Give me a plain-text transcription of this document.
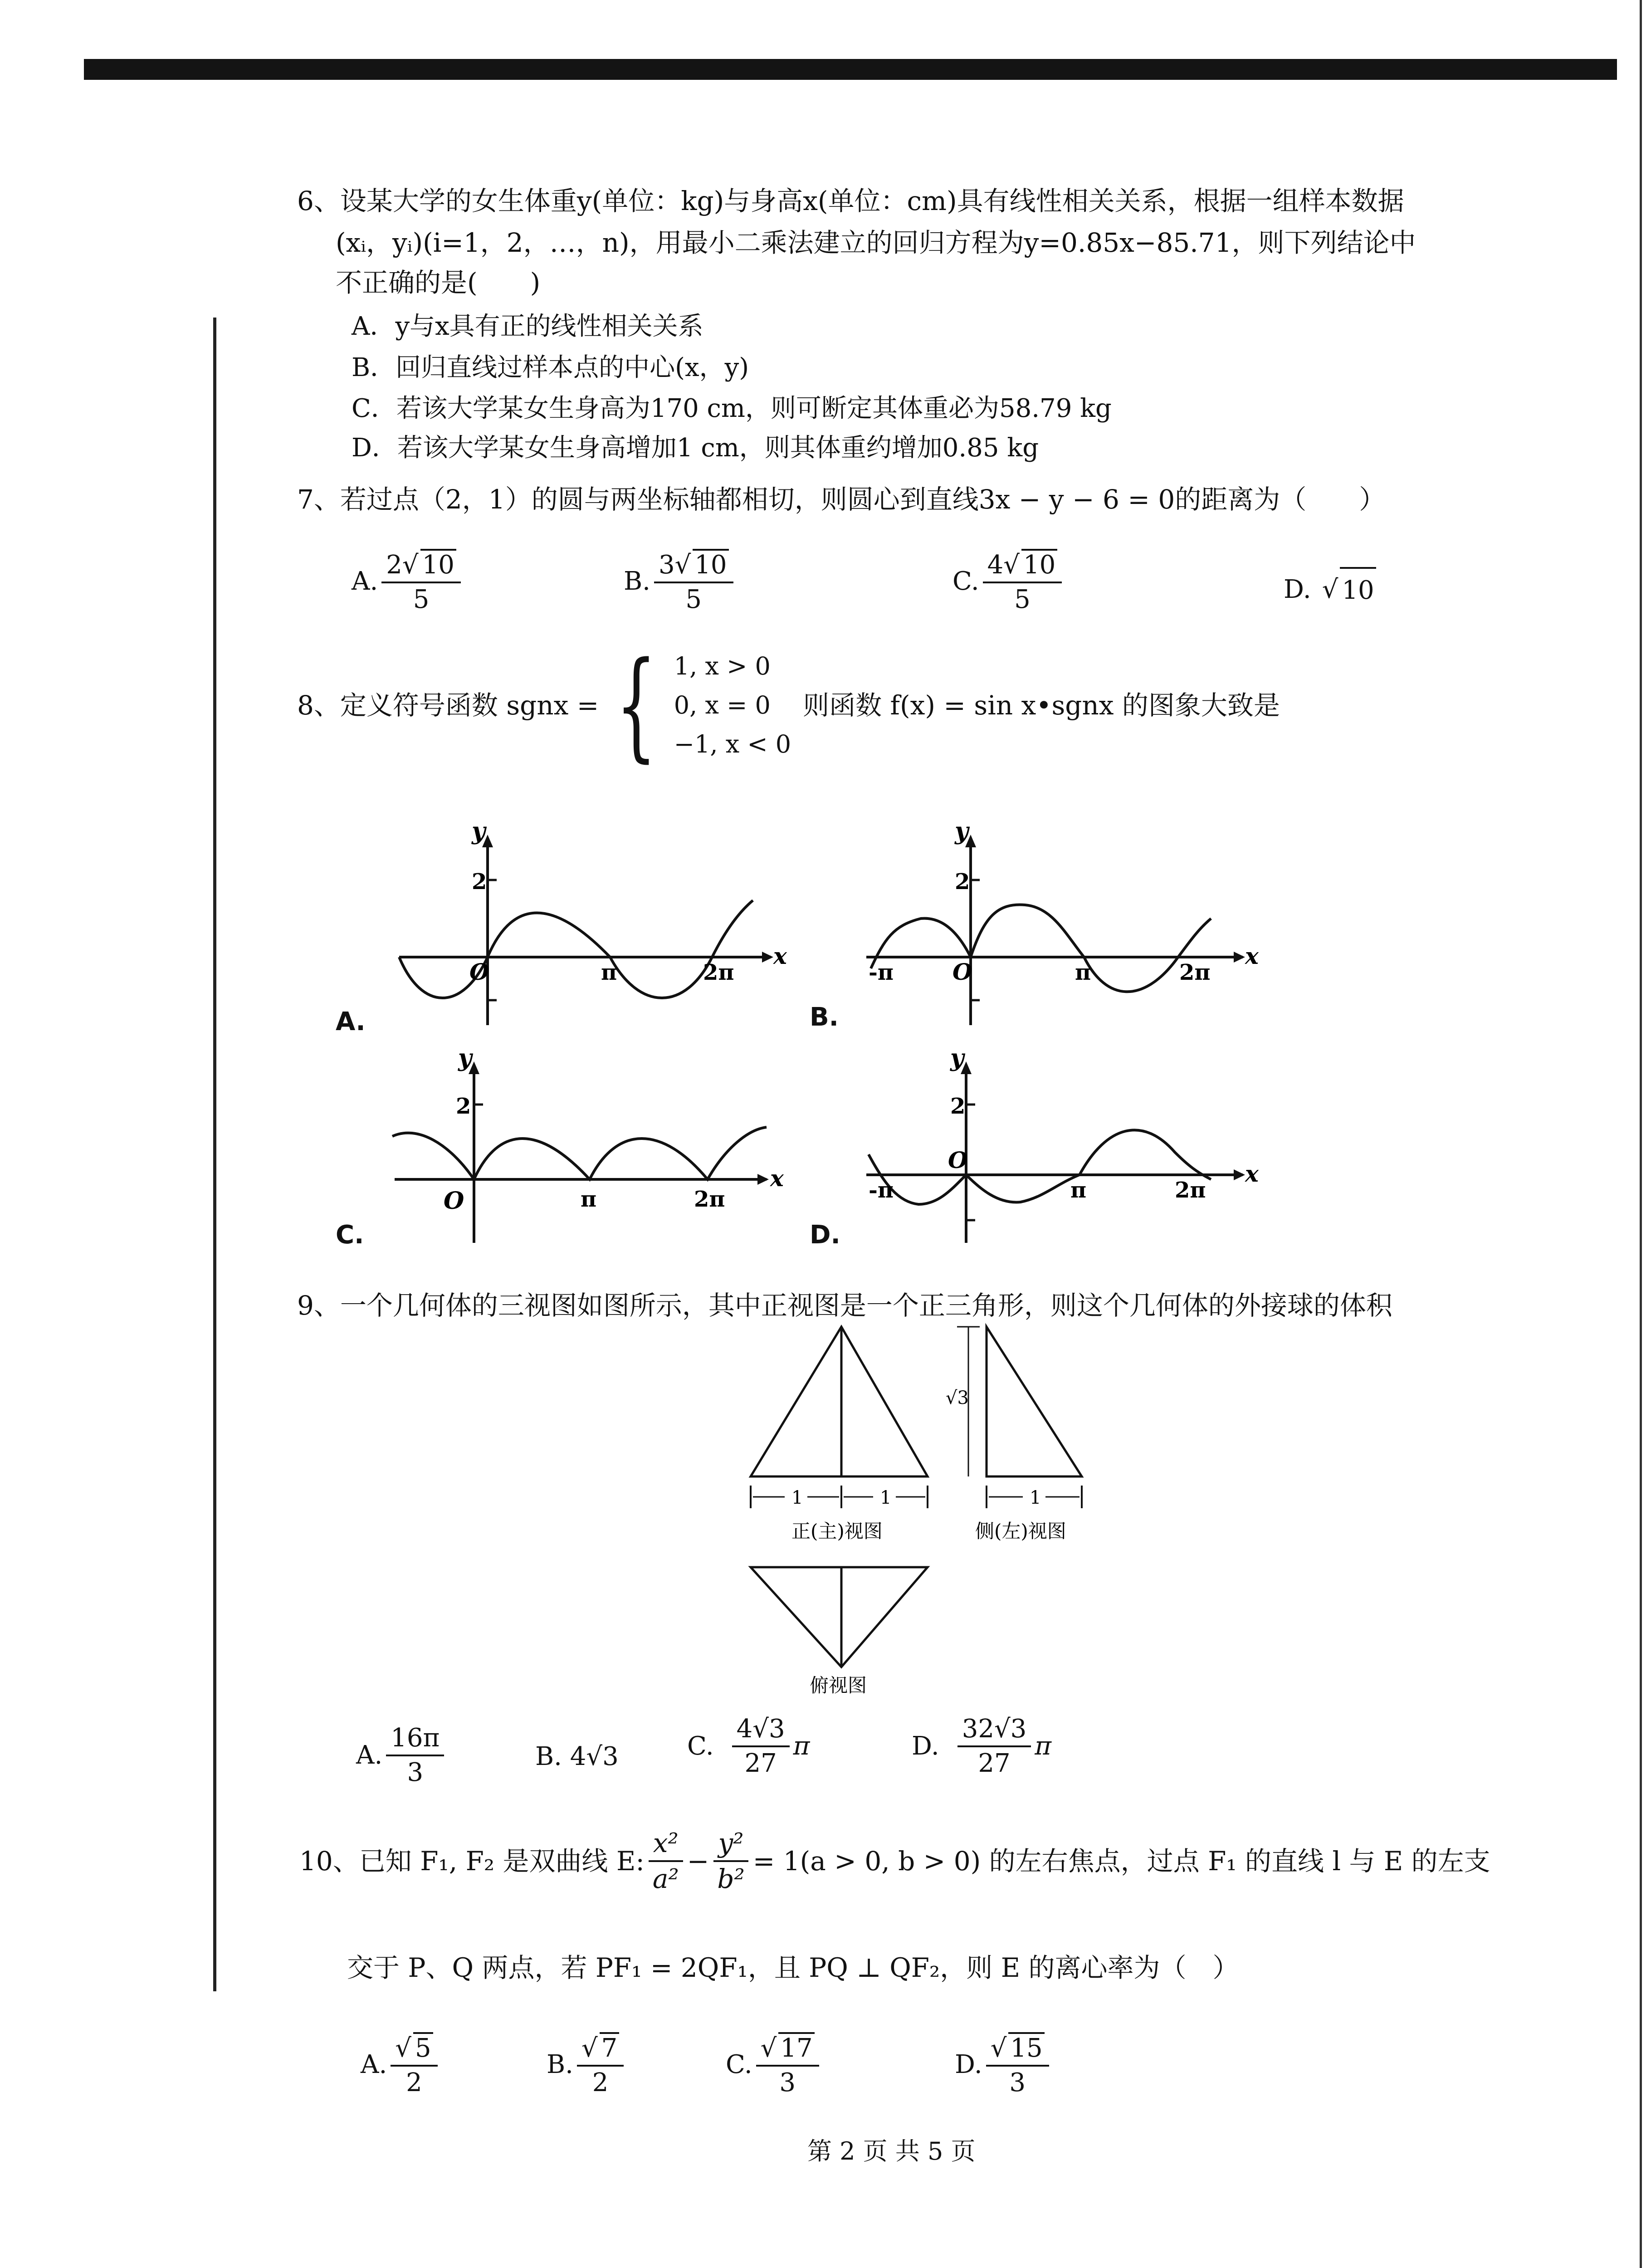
6、设某大学的女生体重y(单位：kg)与身高x(单位：cm)具有线性相关关系，根据一组样本数据
(xᵢ，yᵢ)(i=1，2，…，n)，用最小二乘法建立的回归方程为y=0.85x−85.71，则下列结论中
不正确的是(　　)
A．y与x具有正的线性相关关系
B．回归直线过样本点的中心(x，y)
C．若该大学某女生身高为170 cm，则可断定其体重必为58.79 kg
D．若该大学某女生身高增加1 cm，则其体重约增加0.85 kg
7、若过点（2，1）的圆与两坐标轴都相切，则圆心到直线3x − y − 6 = 0的距离为（　　）
A. $\frac{2√ 10}{5}$	B. $\frac{3√ 10}{5}$	C. $\frac{4√ 10}{5}$	D. √ 10
8、定义符号函数 sgnx = { 1, x > 0
0, x = 0
−1, x < 0
则函数 f(x) = sin x•sgnx 的图象大致是
y
x
2
O	π	2π
A.
y
x
2
O
-π	π	2π
B.
y
x
2
O	π	2π
C.
y
x
2
O
-π	π	2π
D.
9、一个几何体的三视图如图所示，其中正视图是一个正三角形，则这个几何体的外接球的体积
1	1
正(主)视图
√3
1
侧(左)视图
俯视图
A. $\frac{16\pi}{3}$	B. 4√3	C. $\frac{4√3}{27}$ π	D. $\frac{32√3}{27}$ π
10、已知 F₁, F₂ 是双曲线 E: $\frac{\text{x²}}{\text{a²}} - \frac{\text{y²}}{\text{b²}} = 1(a > 0$, b > 0) 的左右焦点，过点 F₁ 的直线 l 与 E 的左支
交于 P、Q 两点，若 PF₁ = 2QF₁，且 PQ ⊥ QF₂，则 E 的离心率为（　）
A. $\frac{√ 5}{2}$	B. $\frac{√ 7}{2}$	C. $\frac{√ 17}{3}$	D. $\frac{√ 15}{3}$
第 2 页 共 5 页
